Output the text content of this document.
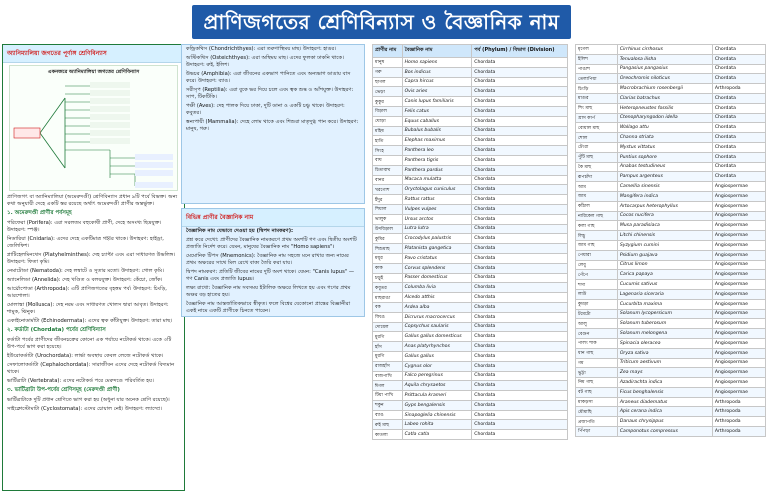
প্রাণিজগতের শ্রেণিবিন্যাস ও বৈজ্ঞানিক নাম
অ্যানিম্যালিয়া জগতের পূর্ণাঙ্গ শ্রেণিবিন্যাস
একনজরে অ্যানিম্যালিয়া জগতের শ্রেণিবিন্যাস
প্রাণিজগৎ বা অ্যানিম্যালিয়া (অমেরুদণ্ডী) শ্রেণিবিন্যাস প্রধান ৯টি পর্বে বিভক্ত। অন্য কথা অনুযায়ী দেহে একটি স্তর রয়েছে অর্থাৎ অমেরুদণ্ডী প্রাণীর অন্তর্ভুক্ত।
১. অমেরুদণ্ডী প্রাণীর পর্বসমূহ
পরিফেরা (Porifera): এরা সরলতম বহুকোষী প্রাণী, দেহে অসংখ্য ছিদ্রযুক্ত। উদাহরণ: স্পঞ্জ।
নিডারিয়া (Cnidaria): এদের দেহে একটিমাত্র গহ্বর থাকে। উদাহরণ: হাইড্রা, জেলিফিশ।
প্লাটিহেলমিনথেস (Platyhelminthes): দেহ চ্যাপ্টা এবং এরা সাধারণত উভলিঙ্গ। উদাহরণ: ফিতা কৃমি।
নেমাটোডা (Nematoda): দেহ লম্বাটে ও সুতার মতো। উদাহরণ: গোল কৃমি।
অ্যানেলিডা (Annelida): দেহ খণ্ডিত ও বলয়যুক্ত। উদাহরণ: কেঁচো, জোঁক।
আর্থ্রোপোডা (Arthropoda): এটি প্রাণিজগতের বৃহত্তম পর্ব। উদাহরণ: চিংড়ি, আরশোলা।
মোলাস্কা (Mollusca): দেহ নরম এবং সাধারণত খোলস দ্বারা আবৃত। উদাহরণ: শামুক, ঝিনুক।
একাইনোডার্মাটা (Echinodermata): এদের ত্বক কাঁটাযুক্ত। উদাহরণ: তারা মাছ।
২. কর্ডাটা (Chordata) পর্বের শ্রেণিবিন্যাস
কর্ডাটা পর্বের প্রাণীদের জীবনচক্রের কোনো এক পর্যায়ে নটোকর্ড থাকে। একে ৩টি উপ-পর্বে ভাগ করা হয়েছে।
ইউরোকর্ডাটা (Urochordata): লার্ভা অবস্থায় কেবল লেজে নটোকর্ড থাকে।
সেফালোকর্ডাটা (Cephalochordata): সারাজীবন এদের দেহে নটোকর্ড বিদ্যমান থাকে।
ভার্টিব্রাটা (Vertebrata): এদের নটোকর্ড পরে মেরুদণ্ডে পরিবর্তিত হয়।
৩. ভার্টিব্রাটা উপ-পর্বের শ্রেণিসমূহ (মেরুদণ্ডী প্রাণী)
ভার্টিব্রাটাকে দুটি প্রধান শ্রেণিতে ভাগ করা হয় (অধুনা যার অনেক শ্রেণি রয়েছে)।
সাইক্লোস্টোমাটা (Cyclostomata): এদের চোয়াল নেই। উদাহরণ: ল্যাম্প্রে।
কন্ড্রিকথিস (Chondrichthyes): এরা তরুণাস্থিময় মাছ। উদাহরণ: হাঙর।
অস্টিকথিস (Osteichthyes): এরা অস্থিময় মাছ। এদের ফুলকা ঢাকনি থাকে। উদাহরণ: রুই, ইলিশ।
উভচর (Amphibia): এরা জীবনের একভাগ পানিতে এবং অন্যভাগ ডাঙায় বাস করে। উদাহরণ: ব্যাঙ।
সরীসৃপ (Reptilia): এরা বুকে ভর দিয়ে চলে এবং ত্বক শুষ্ক ও আঁশযুক্ত। উদাহরণ: সাপ, টিকটিকি।
পক্ষী (Aves): দেহ পালক দিয়ে ঢাকা, দুটি ডানা ও একটি চঞ্চু থাকে। উদাহরণ: কবুতর।
স্তন্যপায়ী (Mammalia): দেহে লোম থাকে এবং শিশুরা মাতৃদুগ্ধ পান করে। উদাহরণ: মানুষ, গরু।
বিভিন্ন প্রাণীর বৈজ্ঞানিক নাম
বৈজ্ঞানিক নাম যেভাবে দেওয়া হয় (দ্বিপদ নামকরণ):
প্রশ্ন করে দেখো: প্রাণীদের বৈজ্ঞানিক নামকরণে প্রথম অংশটি গণ এবং দ্বিতীয় অংশটি প্রজাতি নির্দেশ করে। যেমন, মানুষের বৈজ্ঞানিক নাম "Homo sapiens"।
মেমোনিক টিপস (Mnemonics): বৈজ্ঞানিক নাম সহজে মনে রাখার জন্য নামের প্রথম অক্ষরের সাথে মিল রেখে বাক্য তৈরি করা যায়।
দ্বিপদ নামকরণ: প্রতিটি জীবের নামের দুটি অংশ থাকে। যেমন: "Canis lupus" — গণ Canis এবং প্রজাতি lupus।
লক্ষ্য রাখো: বৈজ্ঞানিক নাম সবসময় ইটালিক অক্ষরে লিখতে হয় এবং গণের প্রথম অক্ষর বড় হাতের হয়।
বৈজ্ঞানিক নাম আন্তর্জাতিকভাবে স্বীকৃত। ফলে বিশ্বের যেকোনো প্রান্তের বিজ্ঞানীরা একই নামে একটি প্রাণীকে চিনতে পারেন।
প্রাণীর নাম	বৈজ্ঞানিক নাম	পর্ব (Phylum) / বিভাগ (Division)
মানুষ	Homo sapiens	Chordata
গরু	Bos indicus	Chordata
ছাগল	Capra hircus	Chordata
ভেড়া	Ovis aries	Chordata
কুকুর	Canis lupus familiaris	Chordata
বিড়াল	Felis catus	Chordata
ঘোড়া	Equus caballus	Chordata
মহিষ	Bubalus bubalis	Chordata
হাতি	Elephas maximus	Chordata
সিংহ	Panthera leo	Chordata
বাঘ	Panthera tigris	Chordata
চিতাবাঘ	Panthera pardus	Chordata
বানর	Macaca mulatta	Chordata
খরগোশ	Oryctolagus cuniculus	Chordata
ইঁদুর	Rattus rattus	Chordata
শিয়াল	Vulpes vulpes	Chordata
ভালুক	Ursus arctos	Chordata
উদবিড়াল	Lutra lutra	Chordata
কুমির	Crocodylus palustris	Chordata
শিশুমাছ	Platanista gangetica	Chordata
ময়ূর	Pavo cristatus	Chordata
কাক	Corvus splendens	Chordata
চড়ুই	Passer domesticus	Chordata
কবুতর	Columba livia	Chordata
মাছরাঙা	Alcedo atthis	Chordata
বক	Ardea alba	Chordata
ফিঙে	Dicrurus macrocercus	Chordata
দোয়েল	Copsychus saularis	Chordata
মুরগি	Gallus gallus domesticus	Chordata
হাঁস	Anas platyrhynchos	Chordata
মুরগি	Gallus gallus	Chordata
রাজহাঁস	Cygnus olor	Chordata
বাজপাখি	Falco peregrinus	Chordata
ঈগল	Aquila chrysaetos	Chordata
টিয়া পাখি	Psittacula krameri	Chordata
শকুন	Gyps bengalensis	Chordata
ব্যাঙ	Sinapoglelia chinensis	Chordata
রুই মাছ	Labeo rohita	Chordata
কাতলা	Catla catla	Chordata
মৃগেল	Cirrhinus cirrhosus	Chordata
ইলিশ	Tenualosa ilisha	Chordata
পাঙাশ	Pangasius pangasius	Chordata
তেলাপিয়া	Oreochromis niloticus	Chordata
চিংড়ি	Macrobrachium rosenbergii	Arthropoda
মাগুর	Clarias batrachus	Chordata
শিং মাছ	Heteropneustes fossilis	Chordata
গ্রাস কার্প	Ctenopharyngodon idella	Chordata
বোয়াল মাছ	Wallago attu	Chordata
শোল	Channa striata	Chordata
টেংরা	Mystus vittatus	Chordata
পুঁটি মাছ	Puntius sophore	Chordata
কৈ মাছ	Anabas testudineus	Chordata
রূপচাঁদা	Pampus argenteus	Chordata
আম	Camellia sinensis	Angiospermae
জাম	Mangifera indica	Angiospermae
কাঁঠাল	Artocarpus heterophyllus	Angiospermae
নারিকেল গাছ	Cocos nucifera	Angiospermae
কলা গাছ	Musa paradisiaca	Angiospermae
লিচু	Litchi chinensis	Angiospermae
জাম গাছ	Syzygium cumini	Angiospermae
পেয়ারা	Psidium guajava	Angiospermae
লেবু	Citrus limon	Angiospermae
পেঁপে	Carica papaya	Angiospermae
শসা	Cucumis sativus	Angiospermae
লাউ	Lagenaria siceraria	Angiospermae
কুমড়া	Cucurbita maxima	Angiospermae
টমেটো	Solanum lycopersicum	Angiospermae
আলু	Solanum tuberosum	Angiospermae
বেগুন	Solanum melongena	Angiospermae
পালং শাক	Spinacia oleracea	Angiospermae
ধান গাছ	Oryza sativa	Angiospermae
গম	Triticum aestivum	Angiospermae
ভুট্টা	Zea mays	Angiospermae
নিম গাছ	Azadirachta indica	Angiospermae
বট গাছ	Ficus benghalensis	Angiospermae
মাকড়সা	Araneus diadematus	Arthropoda
মৌমাছি	Apis cerana indica	Arthropoda
প্রজাপতি	Danaus chrysippus	Arthropoda
পিঁপড়া	Camponotus compressus	Arthropoda
